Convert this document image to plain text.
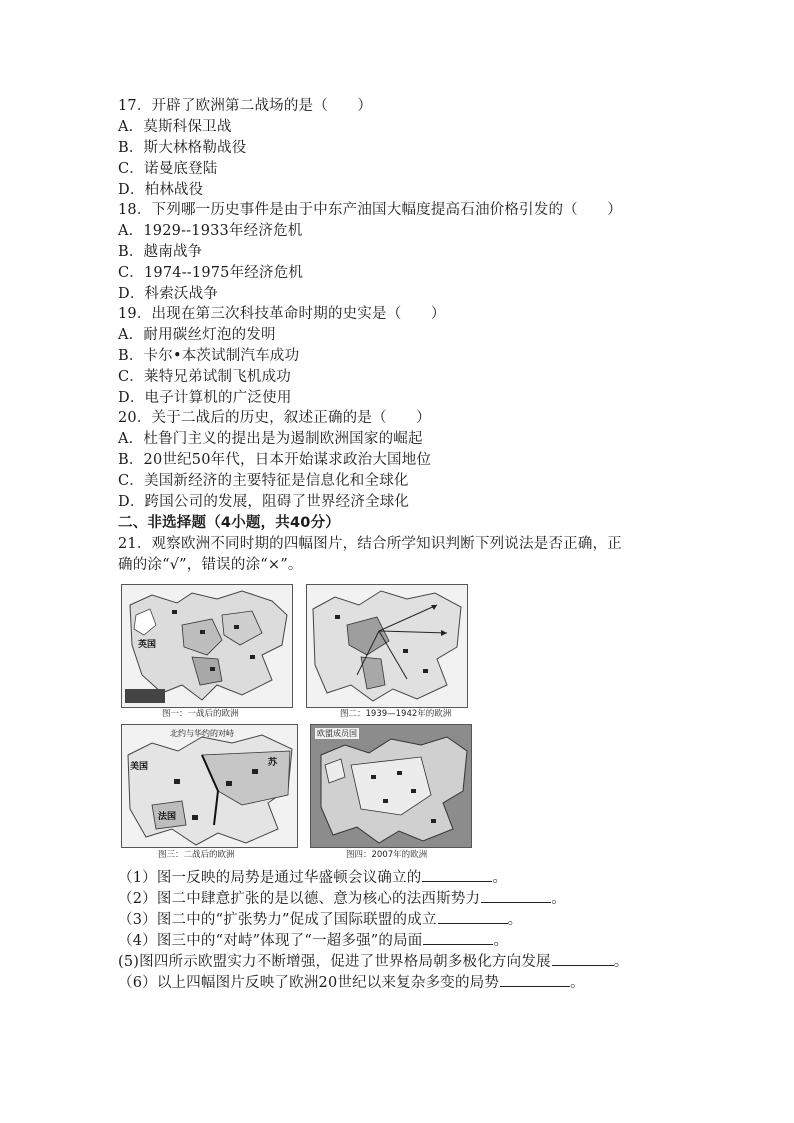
17．开辟了欧洲第二战场的是（　　）
A．莫斯科保卫战
B．斯大林格勒战役
C．诺曼底登陆
D．柏林战役
18．下列哪一历史事件是由于中东产油国大幅度提高石油价格引发的（　　）
A．1929--1933年经济危机
B．越南战争
C．1974--1975年经济危机
D．科索沃战争
19．出现在第三次科技革命时期的史实是（　　）
A．耐用碳丝灯泡的发明
B．卡尔•本茨试制汽车成功
C．莱特兄弟试制飞机成功
D．电子计算机的广泛使用
20．关于二战后的历史，叙述正确的是（　　）
A．杜鲁门主义的提出是为遏制欧洲国家的崛起
B．20世纪50年代，日本开始谋求政治大国地位
C．美国新经济的主要特征是信息化和全球化
D．跨国公司的发展，阻碍了世界经济全球化
二、非选择题（4小题，共40分）
21．观察欧洲不同时期的四幅图片，结合所学知识判断下列说法是否正确，正
确的涂“√”，错误的涂“×”。
英国
图一：一战后的欧洲	图二：1939—1942年的欧洲
北约与华约的对峙
美国	苏
法国
图三：二战后的欧洲
欧盟成员国
图四：2007年的欧洲
（1）图一反映的局势是通过华盛顿会议确立的	。
（2）图二中肆意扩张的是以德、意为核心的法西斯势力	。
（3）图二中的“扩张势力”促成了国际联盟的成立	。
（4）图三中的“对峙”体现了“一超多强”的局面	。
(5)图四所示欧盟实力不断增强，促进了世界格局朝多极化方向发展	。
（6）以上四幅图片反映了欧洲20世纪以来复杂多变的局势	。
